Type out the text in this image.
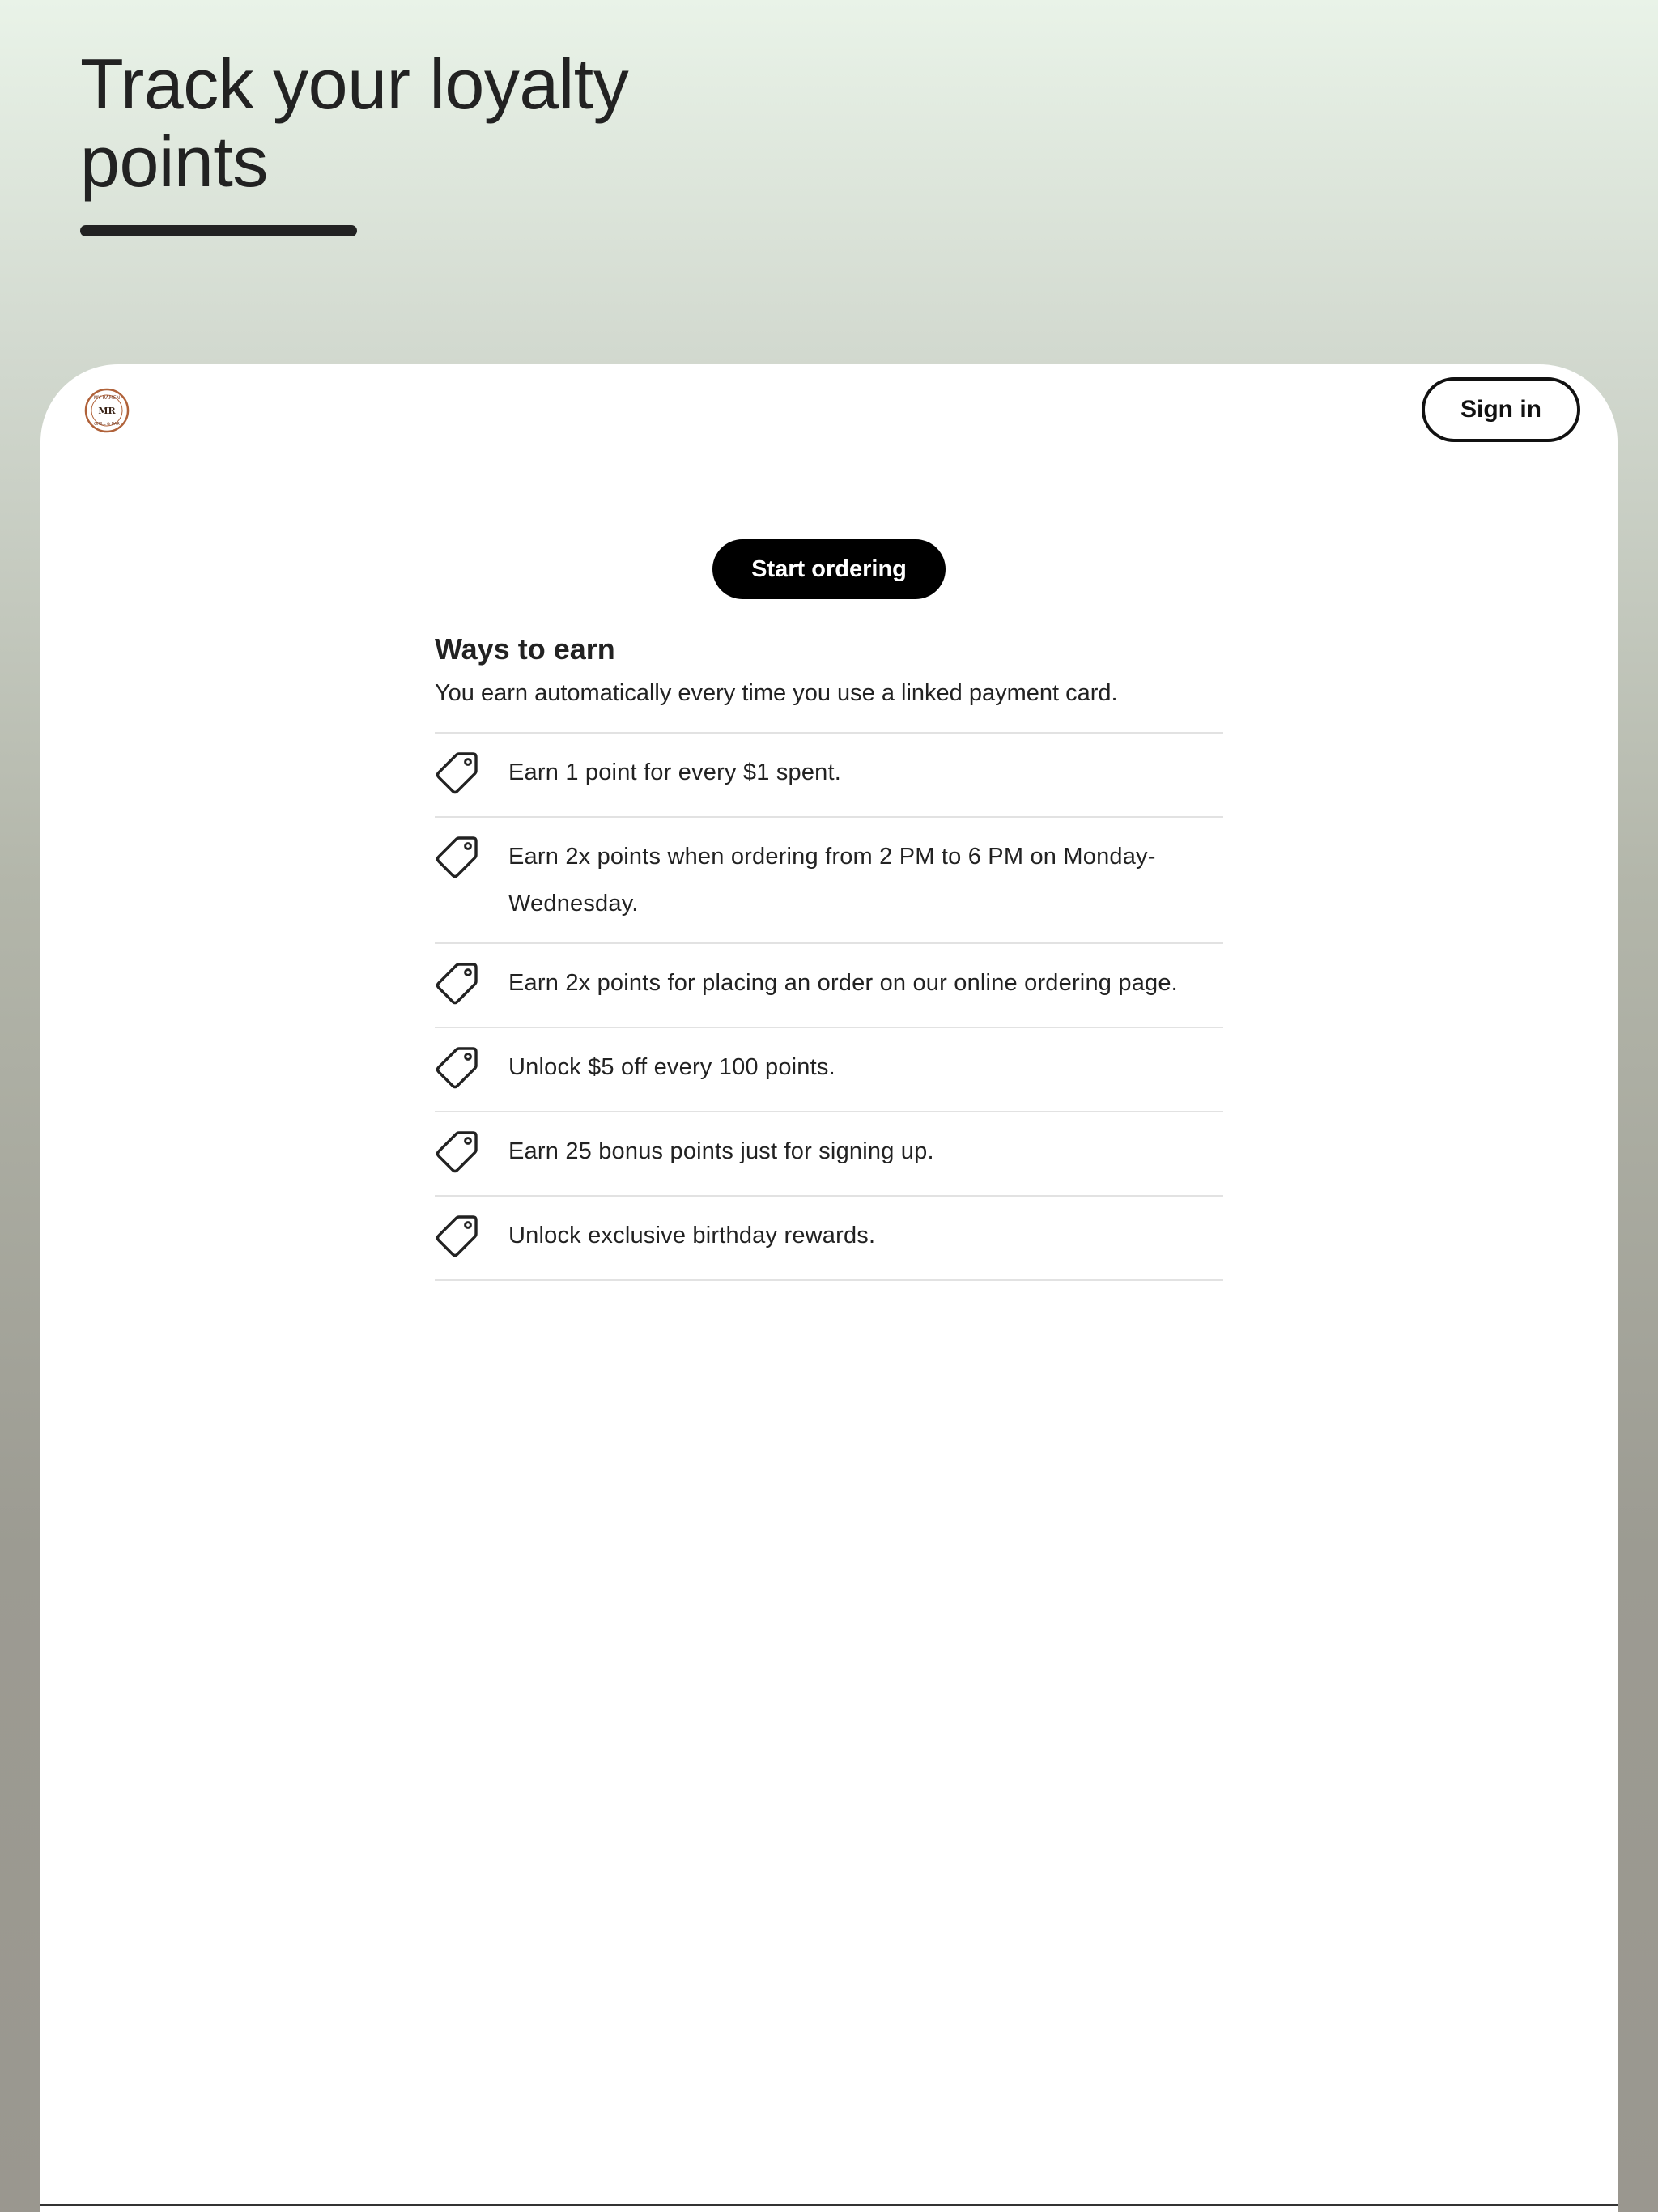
Track your loyalty points
MY RAMEN
MR
GRILL & BAR
Sign in
Start ordering
Ways to earn

You earn automatically every time you use a linked payment card.

Earn 1 point for every $1 spent.
Earn 2x points when ordering from 2 PM to 6 PM on Monday-Wednesday.
Earn 2x points for placing an order on our online ordering page.
Unlock $5 off every 100 points.
Earn 25 bonus points just for signing up.
Unlock exclusive birthday rewards.
